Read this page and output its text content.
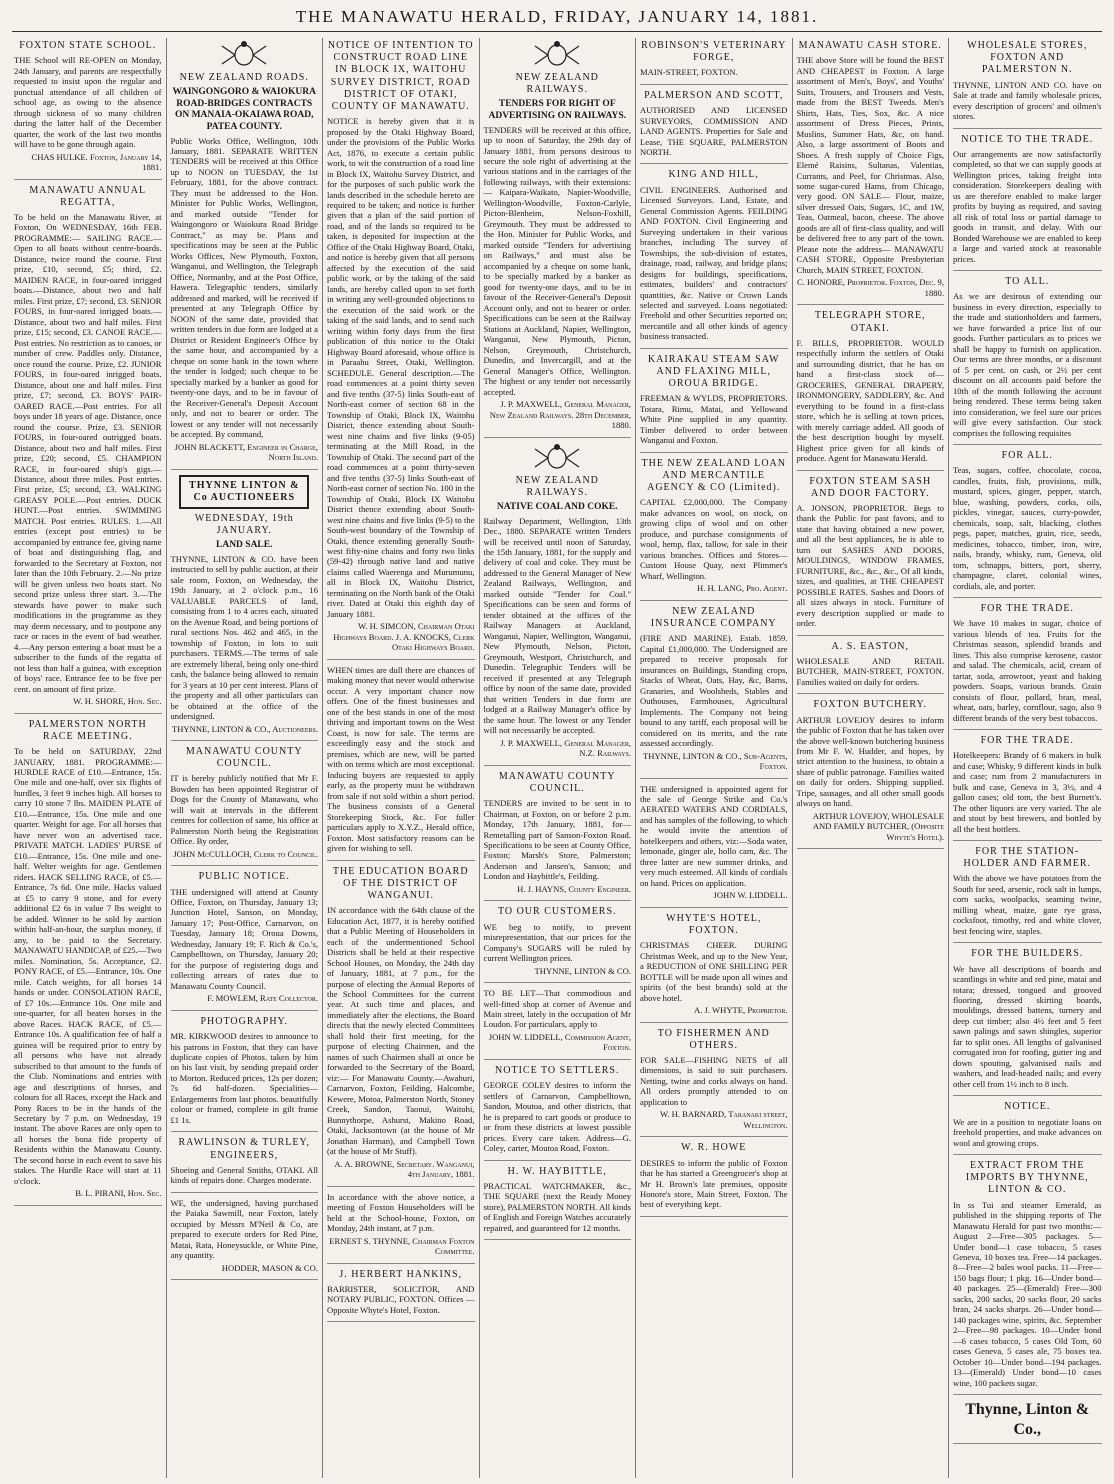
THE MANAWATU HERALD, FRIDAY, JANUARY 14, 1881.
FOXTON STATE SCHOOL.

THE School will RE-OPEN on Monday, 24th January, and parents are respectfully requested to insist upon the regular and punctual attendance of all children of school age, as owing to the absence through sickness of so many children during the latter half of the December quarter, the work of the last two months will have to be gone through again.

CHAS HULKE. Foxton, January 14, 1881.

MANAWATU ANNUAL REGATTA,

To be held on the Manawatu River, at Foxton, On WEDNESDAY, 16th FEB. PROGRAMME:— SAILING RACE.—Open to all boats without centre-boards. Distance, twice round the course. First prize, £10, second, £5; third, £2. MAIDEN RACE, in four-oared inrigged boats.—Distance, about two and half miles. First prize, £7; second, £3. SENIOR FOURS, in four-oared inrigged boats.—Distance, about two and half miles. First prize, £15; second, £3. CANOE RACE.—Post entries. No restriction as to canoes, or number of crew. Paddles only. Distance, once round the course. Prize, £2. JUNIOR FOURS, in four-oared inrigged boats. Distance, about one and half miles. First prize, £7; second, £3. BOYS' PAIR-OARED RACE.—Post entries. For all boys under 18 years of age. Distance, once round the course. Prize, £3. SENIOR FOURS, in four-oared outrigged boats. Distance, about two and half miles. First prize, £20; second, £5. CHAMPION RACE, in four-oared ship's gigs.—Distance, about three miles. Post entries. First prize, £5; second, £3. WALKING GREASY POLE.—Post entries. DUCK HUNT.—Post entries. SWIMMING MATCH. Post entries. RULES. 1.—All entries (except post entries) to be accompanied by entrance fee, giving name of boat and distinguishing flag, and forwarded to the Secretary at Foxton, not later than the 10th February. 2.—No prize will be given unless two boats start. No second prize unless three start. 3.—The stewards have power to make such modifications in the programme as they may deem necessary, and to postpone any race or races in the event of bad weather. 4.—Any person entering a boat must be a subscriber to the funds of the regatta of not less than half a guinea, with exception of boys' race. Entrance fee to be five per cent. on amount of first prize.

W. H. SHORE, Hon. Sec.

PALMERSTON NORTH RACE MEETING.

To be held on SATURDAY, 22nd JANUARY, 1881. PROGRAMME:— HURDLE RACE of £10.—Entrance, 15s. One mile and one-half, over six flights of hurdles, 3 feet 9 inches high. All horses to carry 10 stone 7 lbs. MAIDEN PLATE of £10.—Entrance, 15s. One mile and one quarter. Weight for age. For all horses that have never won an advertised race. PRIVATE MATCH. LADIES' PURSE of £10.—Entrance, 15s. One mile and one-half. Welter weights for age. Gentlemen riders. HACK SELLING RACE, of £5.—Entrance, 7s 6d. One mile. Hacks valued at £5 to carry 9 stone, and for every additional £2 6s in value 7 lbs weight to be added. Winner to be sold by auction within half-an-hour, the surplus money, if any, to be paid to the Secretary. MANAWATU HANDICAP, of £25.—Two miles. Nomination, 5s. Acceptance, £2. PONY RACE, of £5.—Entrance, 10s. One mile. Catch weights, for all horses 14 hands or under. CONSOLATION RACE, of £7 10s.—Entrance 10s. One mile and one-quarter, for all beaten horses in the above Races. HACK RACE, of £5.—Entrance 10s. A qualification fee of half a guinea will be required prior to entry by all persons who have not already subscribed to that amount to the funds of the Club. Nominations and entries with age and descriptions of horses, and colours for all Races, except the Hack and Pony Races to be in the hands of the Secretary by 7 p.m. on Wednesday, 19 instant. The above Races are only open to all horses the bona fide property of Residents within the Manawatu County. The second horse in each event to save his stakes. The Hurdle Race will start at 11 o'clock.

B. L. PIRANI, Hon. Sec.

NEW ZEALAND ROADS.
WAINGONGORO & WAIOKURA ROAD-BRIDGES CONTRACTS ON MANAIA-OKAIAWA ROAD, PATEA COUNTY.

Public Works Office, Wellington, 10th January, 1881. SEPARATE WRITTEN TENDERS will be received at this Office up to NOON on TUESDAY, the 1st February, 1881, for the above contract. They must be addressed to the Hon. Minister for Public Works, Wellington, and marked outside "Tender for Waingongoro or Waiokura Road Bridge Contract," as may be. Plans and specifications may be seen at the Public Works Offices, New Plymouth, Foxton, Wanganui, and Wellington, the Telegraph Office, Normanby, and at the Post Office, Hawera. Telegraphic tenders, similarly addressed and marked, will be received if presented at any Telegraph Office by NOON of the same date, provided that written tenders in due form are lodged at a District or Resident Engineer's Office by the same hour, and accompanied by a cheque on some bank in the town where the tender is lodged; such cheque to be specially marked by a banker as good for twenty-one days, and to be in favour of the Receiver-General's Deposit Account only, and not to bearer or order. The lowest or any tender will not necessarily be accepted. By command,

JOHN BLACKETT, Engineer in Charge, North Island.

THYNNE LINTON & Co AUCTIONEERS
WEDNESDAY, 19th JANUARY.
LAND SALE.

THYNNE, LINTON & CO. have been instructed to sell by public auction, at their sale room, Foxton, on Wednesday, the 19th January, at 2 o'clock p.m., 16 VALUABLE PARCELS of land, consisting from 1 to 4 acres each, situated on the Avenue Road, and being portions of rural sections Nos. 462 and 465, in the township of Foxton, in lots to suit purchasers. TERMS.—The terms of sale are extremely liberal, being only one-third cash, the balance being allowed to remain for 3 years at 10 per cent interest. Plans of the property and all other particulars can be obtained at the office of the undersigned.

THYNNE, LINTON & CO., Auctioneers.

MANAWATU COUNTY COUNCIL.

IT is hereby publicly notified that Mr F. Bowden has been appointed Registrar of Dogs for the County of Manawatu, who will wait at intervals in the different centres for collection of same, his office at Palmerston North being the Registration Office. By order,

JOHN McCULLOCH, Clerk to Council.

PUBLIC NOTICE.

THE undersigned will attend at County Office, Foxton, on Thursday, January 13; Junction Hotel, Sanson, on Monday, January 17; Post-Office, Carnarvon, on Tuesday, January 18; Oroua Downs, Wednesday, January 19; F. Rich & Co.'s, Campbelltown, on Thursday, January 20; for the purpose of registering dogs and collecting arrears of rates due to Manawatu County Council.

F. MOWLEM, Rate Collector.

PHOTOGRAPHY.

MR. KIRKWOOD desires to announce to his patrons in Foxton, that they can have duplicate copies of Photos. taken by him on his last visit, by sending prepaid order to Morton. Reduced prices, 12s per dozen; 7s 6d half-dozen. Specialities—Enlargements from last photos. beautifully colour or framed, complete in gilt frame £1 1s.

RAWLINSON & TURLEY, ENGINEERS,

Shoeing and General Smiths, OTAKI. All kinds of repairs done. Charges moderate.

WE, the undersigned, having purchased the Paiaka Sawmill, near Foxton, lately occupied by Messrs M'Neil & Co, are prepared to execute orders for Red Pine, Matai, Rata, Honeysuckle, or White Pine, any quantity.

HODDER, MASON & CO.

NOTICE OF INTENTION TO CONSTRUCT ROAD LINE IN BLOCK IX, WAITOHU SURVEY DISTRICT, ROAD DISTRICT OF OTAKI, COUNTY OF MANAWATU.

NOTICE is hereby given that it is proposed by the Otaki Highway Board, under the provisions of the Public Works Act, 1876, to execute a certain public work, to wit the construction of a road line in Block IX, Waitohu Survey District, and for the purposes of such public work the lands described in the schedule hereto are required to be taken; and notice is further given that a plan of the said portion of road, and of the lands so required to be taken, is deposited for inspection at the Office of the Otaki Highway Board, Otaki, and notice is hereby given that all persons affected by the execution of the said public work, or by the taking of the said lands, are hereby called upon to set forth in writing any well-grounded objections to the execution of the said work or the taking of the said lands, and to send such writing within forty days from the first publication of this notice to the Otaki Highway Board aforesaid, whose office is in Paraahu Street, Otaki, Wellington. SCHEDULE. General description.—The road commences at a point thirty seven and five tenths (37-5) links South-east of North-east corner of section 68 in the Township of Otaki, Block IX, Waitohu District, thence extending about South-west nine chains and five links (9-05) terminating at the Mill Road, in the Township of Otaki. The second part of the road commences at a point thirty-seven and five tenths (37-5) links South-east of North-east corner of section No. 100 in the Township of Otaki, Block IX Waitohu District thence extending about South-west nine chains and five links (9-5) to the South-west boundary of the Township of Otaki, thence extending generally South-west fifty-nine chains and forty two links (59-42) through native land and native claims called Waerenga and Murumunu, all in Block IX, Waitohu District, terminating on the North bank of the Otaki river. Dated at Otaki this eighth day of January 1881.

W. H. SIMCON, Chairman Otaki Highways Board. J. A. KNOCKS, Clerk Otaki Highways Board.

WHEN times are dull there are chances of making money that never would otherwise occur. A very important chance now offers. One of the finest businesses and one of the best stands in one of the most thriving and important towns on the West Coast, is now for sale. The terms are exceedingly easy and the stock and premises, which are new, will be parted with on terms which are most exceptional. Inducing buyers are requested to apply early, as the property must be withdrawn from sale if not sold within a short period. The business consists of a General Storekeeping Stock, &c. For fuller particulars apply to X.Y.Z., Herald office, Foxton. Most satisfactory reasons can be given for wishing to sell.

THE EDUCATION BOARD OF THE DISTRICT OF WANGANUI.

IN accordance with the 64th clause of the Education Act, 1877, it is hereby notified that a Public Meeting of Householders in each of the undermentioned School Districts shall be held at their respective School Houses, on Monday, the 24th day of January, 1881, at 7 p.m., for the purpose of electing the Annual Reports of the School Committees for the current year. At such time and places, and immediately after the elections, the Board directs that the newly elected Committees shall hold their first meeting, for the purpose of electing Chairmen, and the names of such Chairmen shall at once be forwarded to the Secretary of the Board, viz:— For Manawatu County.—Awahuri, Carnarvon, Foxton, Feilding, Halcombe, Kewere, Motoa, Palmerston North, Stoney Creek, Sandon, Taonui, Waitohi, Bunnythorpe, Ashurst, Makino Road, Otaki, Jacksontown (at the house of Mr Jonathan Harman), and Campbell Town (at the house of Mr Stuff).

A. A. BROWNE, Secretary. Wanganui, 4th January, 1881.

In accordance with the above notice, a meeting of Foxton Householders will be held at the School-house, Foxton, on Monday, 24th instant, at 7 p.m.

ERNEST S. THYNNE, Chairman Foxton Committee.

J. HERBERT HANKINS,

BARRISTER, SOLICITOR, AND NOTARY PUBLIC, FOXTON. Offices — Opposite Whyte's Hotel, Foxton.

NEW ZEALAND RAILWAYS.
TENDERS FOR RIGHT OF ADVERTISING ON RAILWAYS.

TENDERS will be received at this office, up to noon of Saturday, the 29th day of January 1881, from persons desirous to secure the sole right of advertising at the various stations and in the carriages of the following railways, with their extensions:— Kaipara-Waikato, Napier-Woodville, Wellington-Woodville, Foxton-Carlyle, Picton-Blenheim, Nelson-Foxhill, Greymouth. They must be addressed to the Hon. Minister for Public Works, and marked outside "Tenders for advertising on Railways," and must also be accompanied by a cheque on some bank, to be specially marked by a banker as good for twenty-one days, and to be in favour of the Receiver-General's Deposit Account only, and not to bearer or order. Specifications can be seen at the Railway Stations at Auckland, Napier, Wellington, Wanganui, New Plymouth, Picton, Nelson, Greymouth, Christchurch, Dunedin, and Invercargill, and at the General Manager's Office, Wellington. The highest or any tender not necessarily accepted.

J. P. MAXWELL, General Manager, New Zealand Railways. 28th December, 1880.

NEW ZEALAND RAILWAYS.
NATIVE COAL AND COKE.

Railway Department, Wellington, 13th Dec., 1880. SEPARATE written Tenders will be received until noon of Saturday, the 15th January, 1881, for the supply and delivery of coal and coke. They must be addressed to the General Manager of New Zealand Railways, Wellington, and marked outside "Tender for Coal." Specifications can be seen and forms of tender obtained at the offices of the Railway Managers at Auckland, Wanganui, Napier, Wellington, Wanganui, New Plymouth, Nelson, Picton, Greymouth, Westport, Christchurch, and Dunedin. Telegraphic Tenders will be received if presented at any Telegraph office by noon of the same date, provided that written Tenders in due form are lodged at a Railway Manager's office by the same hour. The lowest or any Tender will not necessarily be accepted.

J. P. MAXWELL, General Manager, N.Z. Railways.

MANAWATU COUNTY COUNCIL.

TENDERS are invited to be sent in to Chairman, at Foxton, on or before 2 p.m. Monday, 17th January, 1881, for— Remetalling part of Sanson-Foxton Road. Specifications to be seen at County Office, Foxton; Marsh's Store, Palmerston; Anderson and Jansen's, Sanson; and London and Haybittle's, Feilding.

H. J. HAYNS, County Engineer.

TO OUR CUSTOMERS.

WE beg to notify, to prevent misrepresentation, that our prices for the Company's SUGARS will be ruled by current Wellington prices.

THYNNE, LINTON & CO.

TO BE LET—That commodious and well-fitted shop at corner of Avenue and Main street, lately in the occupation of Mr Loudon. For particulars, apply to

JOHN W. LIDDELL, Commission Agent, Foxton.

NOTICE TO SETTLERS.

GEORGE COLEY desires to inform the settlers of Carnarvon, Campbelltown, Sandon, Moutoa, and other districts, that he is prepared to cart goods or produce to or from these districts at lowest possible prices. Every care taken. Address—G. Coley, carter, Moutoa Road, Foxton.

H. W. HAYBITTLE,

PRACTICAL WATCHMAKER, &c., THE SQUARE (next the Ready Money store), PALMERSTON NORTH. All kinds of English and Foreign Watches accurately repaired, and guaranteed for 12 months.

ROBINSON'S VETERINARY FORGE,

MAIN-STREET, FOXTON.

PALMERSON AND SCOTT,

AUTHORISED AND LICENSED SURVEYORS, COMMISSION AND LAND AGENTS. Properties for Sale and Lease, THE SQUARE, PALMERSTON NORTH.

KING AND HILL,

CIVIL ENGINEERS. Authorised and Licensed Surveyors. Land, Estate, and General Commission Agents. FEILDING AND FOXTON. Civil Engineering and Surveying undertaken in their various branches, including The survey of Townships, the sub-division of estates, drainage, road, railway, and bridge plans; designs for buildings, specifications, estimates, builders' and contractors' quantities, &c. Native or Crown Lands selected and surveyed. Loans negotiated: Freehold and other Securities reported on; mercantile and all other kinds of agency business transacted.

KAIRAKAU STEAM SAW AND FLAXING MILL, OROUA BRIDGE.

FREEMAN & WYLDS, PROPRIETORS. Totara, Rimu, Matai, and Yellowand White Pine supplied in any quantity. Timber delivered to order between Wanganui and Foxton.

THE NEW ZEALAND LOAN AND MERCANTILE AGENCY & CO (Limited).

CAPITAL £2,000,000. The Company make advances on wool, on stock, on growing clips of wool and on other produce, and purchase consignments of wool, hemp, flax, tallow, for sale in their various branches. Offices and Stores—Custom House Quay, next Plimmer's Wharf, Wellington.

H. H. LANG, Pro. Agent.

NEW ZEALAND INSURANCE COMPANY

(FIRE AND MARINE). Estab. 1859. Capital £1,000,000. The Undersigned are prepared to receive proposals for insurances on Buildings, Standing crops, Stacks of Wheat, Oats, Hay, &c, Barns, Granaries, and Woolsheds, Stables and Outhouses, Farmhouses, Agricultural Implements. The Company not being bound to any tariff, each proposal will be considered on its merits, and the rate assessed accordingly.

THYNNE, LINTON & CO., Sub-Agents, Foxton.

THE undersigned is appointed agent for the sale of George Strike and Co.'s AERATED WATERS AND CORDIALS, and has samples of the following, to which he would invite the attention of hotelkeepers and others, viz:—Soda water, lemonade, ginger ale, hollo cam, &c. The three latter are new summer drinks, and very much esteemed. All kinds of cordials on hand. Prices on application.

JOHN W. LIDDELL.

WHYTE'S HOTEL, FOXTON.

CHRISTMAS CHEER. DURING Christmas Week, and up to the New Year, a REDUCTION of ONE SHILLING PER BOTTLE will be made upon all wines and spirits (of the best brands) sold at the above hotel.

A. J. WHYTE, Proprietor.

TO FISHERMEN AND OTHERS.

FOR SALE—FISHING NETS of all dimensions, is said to suit purchasers. Netting, twine and corks always on hand. All orders promptly attended to on application to

W. H. BARNARD, Taranaki street, Wellington.

W. R. HOWE

DESIRES to inform the public of Foxton that he has started a Greengrocer's shop at Mr H. Brown's late premises, opposite Honore's store, Main Street, Foxton. The best of everything kept.

MANAWATU CASH STORE.

THE above Store will be found the BEST AND CHEAPEST in Foxton. A large assortment of Men's, Boys', and Youths' Suits, Trousers, and Trousers and Vests, made from the BEST Tweeds. Men's Shirts, Hats, Ties, Sox, &c. A nice assortment of Dress Pieces, Prints, Muslins, Summer Hats, &c, on hand. Also, a large assortment of Boots and Shoes. A fresh supply of Choice Figs, Elemé Raisins, Sultanas, Valentias, Currants, and Peel, for Christmas. Also, some sugar-cured Hams, from Chicago, very good. ON SALE— Flour, maize, silver dressed Oats, Sugars, 1C, and 1W, Teas, Oatmeal, bacon, cheese. The above goods are all of first-class quality, and will be delivered free to any part of the town. Please note the address— MANAWATU CASH STORE, Opposite Presbyterian Church, MAIN STREET, FOXTON.

C. HONORE, Proprietor. Foxton, Dec. 9, 1880.

TELEGRAPH STORE, OTAKI.

F. BILLS, PROPRIETOR. WOULD respectfully inform the settlers of Otaki and surrounding district, that he has on hand a first-class stock of— GROCERIES, GENERAL DRAPERY, IRONMONGERY, SADDLERY, &c. And everything to be found in a first-class store, which he is selling at town prices, with merely carriage added. All goods of the best description bought by myself. Highest price given for all kinds of produce. Agent for Manawatu Herald.

FOXTON STEAM SASH AND DOOR FACTORY.

A. JONSON, PROPRIETOR. Begs to thank the Public for past favors, and to state that having obtained a new power, and all the best appliances, he is able to turn out SASHES AND DOORS, MOULDINGS, WINDOW FRAMES, FURNITURE, &c., &c., &c., Of all kinds, sizes, and qualities, at THE CHEAPEST POSSIBLE RATES. Sashes and Doors of all sizes always in stock. Furniture of every description supplied or made to order.

A. S. EASTON,

WHOLESALE AND RETAIL BUTCHER, MAIN-STREET, FOXTON. Families waited on daily for orders.

FOXTON BUTCHERY.

ARTHUR LOVEJOY desires to inform the public of Foxton that he has taken over the above well-known butchering business from Mr F. W. Hudder, and hopes, by strict attention to the business, to obtain a share of public patronage. Families waited on daily for orders. Shipping supplied. Tripe, sausages, and all other small goods always on hand.

ARTHUR LOVEJOY, WHOLESALE AND FAMILY BUTCHER, (Opposite Whyte's Hotel).

WHOLESALE STORES, FOXTON AND PALMERSTON N.

THYNNE, LINTON AND CO. have on Sale at trade and family wholesale prices, every description of grocers' and oilmen's stores.

NOTICE TO THE TRADE.

Our arrangements are now satisfactorily completed, so that we can supply goods at Wellington prices, taking freight into consideration. Storekeepers dealing with us are therefore enabled to make larger profits by buying as required, and saving all risk of total loss or partial damage to goods in transit, and delay. With our Bonded Warehouse we are enabled to keep a large and varied stock at reasonable prices.

TO ALL.

As we are desirous of extending our business in every direction, especially to the trade and stationholders and farmers, we have forwarded a price list of our goods. Further particulars as to prices we shall be happy to furnish on application. Our terms are three months, or a discount of 5 per cent. on cash, or 2½ per cent discount on all accounts paid before the 10th of the month following the account being rendered. These terms being taken into consideration, we feel sure our prices will give every satisfaction. Our stock comprises the following requisites

FOR ALL.

Teas, sugars, coffee, chocolate, cocoa, candles, fruits, fish, provisions, milk, mustard, spices, ginger, pepper, starch, blue, washing, powders, corks, oils, pickles, vinegar, sauces, curry-powder, chemicals, soap, salt, blacking, clothes pegs, paper, matches, grain, rice, seeds, medicines, tobacco, timber, iron, wire, nails, brandy, whisky, rum, Geneva, old tom, schnapps, bitters, port, sherry, champagne, claret, colonial wines, cordials, ale, and porter.

FOR THE TRADE.

We have 10 makes in sugar, choice of various blends of tea. Fruits for the Christmas season, splendid brands and lines. This also comprise kerosene, castor and salad. The chemicals, acid, cream of tartar, soda, arrowroot, yeast and baking powders. Soaps, various brands. Grain consists of flour, pollard, bran, meal, wheat, oats, barley, cornflour, sago, also 9 different brands of the very best tobaccos.

FOR THE TRADE.

Hotelkeepers: Brandy of 6 makers in bulk and case; Whisky, 9 different kinds in bulk and case; rum from 2 manufacturers in bulk and case, Geneva in 3, 3½, and 4 gallon cases; old tom, the best Burnett's. The other liquors are very varied. The ale and stout by best brewers, and bottled by all the best bottlers.

FOR THE STATION-HOLDER AND FARMER.

With the above we have potatoes from the South for seed, arsenic, rock salt in lumps, corn sacks, woolpacks, seaming twine, milling wheat, maize, gate rye grass, cocksfoot, timothy, red and white clover, best fencing wire, staples.

FOR THE BUILDERS.

We have all descriptions of boards and scantlings in white and red pine, matai and totara; dressed, tongued and grooved flooring, dressed skirting boards, mouldings, dressed battens, turnery and deep cut timber; also 4½ feet and 5 feet sawn palings and sawn shingles, superior far to split ones. All lengths of galvanised corrugated iron for roofing, gutter ing and down spouting, galvanised nails and washers, and lead-headed nails; and every other cell from 1½ inch to 8 inch.

NOTICE.

We are in a position to negotiate loans on freehold properties, and make advances on wool and growing crops.

EXTRACT FROM THE IMPORTS BY THYNNE, LINTON & CO.

In ss Tui and steamer Emerald, as published in the shipping reports of The Manawatu Herald for past two months:— August 2—Free—305 packages. 5—Under bond—1 case tobacco, 5 cases Geneva, 10 boxes tea. Free—14 packages. 8—Free—2 bales wool packs. 11—Free—150 bags flour; 1 pkg. 16—Under bond—40 packages. 25—(Emerald) Free—300 sacks, 200 sacks, 20 sacks flour, 20 sacks bran, 24 sacks sharps. 26—Under bond—140 packages wine, spirits, &c. September 2—Free—98 packages. 10—Under bond—6 cases tobacco, 5 cases Old Tom, 60 cases Geneva, 5 cases ale, 75 boxes tea. October 10—Under bond—194 packages. 13—(Emerald) Under bond—10 cases wine, 100 packets sugar.

Thynne, Linton & Co.,
